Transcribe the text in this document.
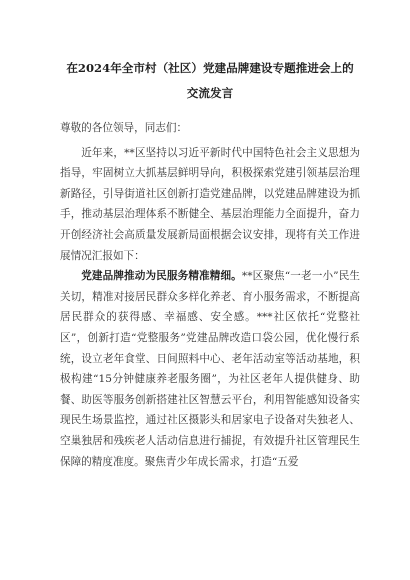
在2024年全市村（社区）党建品牌建设专题推进会上的交流发言

尊敬的各位领导，同志们：

近年来，**区坚持以习近平新时代中国特色社会主义思想为指导，牢固树立大抓基层鲜明导向，积极探索党建引领基层治理新路径，引导街道社区创新打造党建品牌，以党建品牌建设为抓手，推动基层治理体系不断健全、基层治理能力全面提升，奋力开创经济社会高质量发展新局面根据会议安排，现将有关工作进展情况汇报如下：

党建品牌推动为民服务精准精细。**区聚焦“一老一小”民生关切，精准对接居民群众多样化养老、育小服务需求，不断提高居民群众的获得感、幸福感、安全感。***社区依托“党整社区”，创新打造“党整服务”党建品牌改造口袋公园，优化慢行系统，设立老年食堂、日间照料中心、老年活动室等活动基地，积极构建“15分钟健康养老服务圈”，为社区老年人提供健身、助餐、助医等服务创新搭建社区智慧云平台，利用智能感知设备实现民生场景监控，通过社区摄影头和居家电子设备对失独老人、空巢独居和残疾老人活动信息进行捕捉，有效提升社区管理民生保障的精度准度。聚焦青少年成长需求，打造“五爱
